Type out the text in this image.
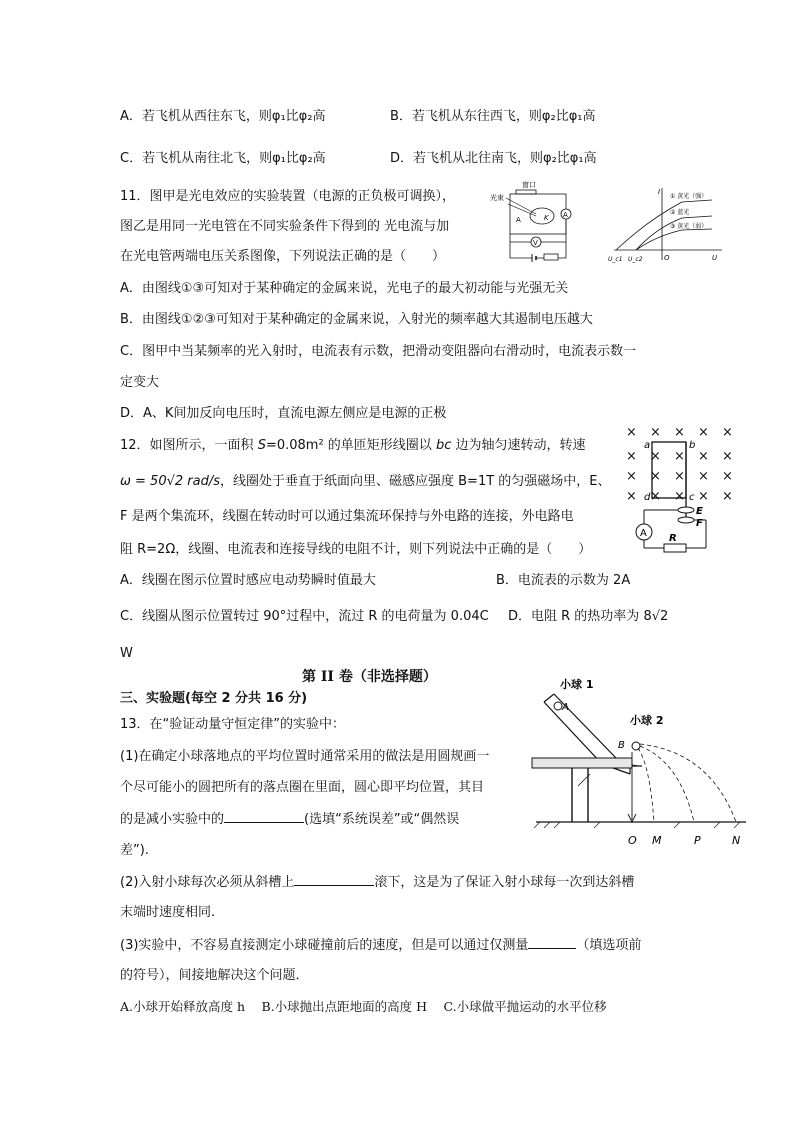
A．若飞机从西往东飞，则φ₁比φ₂高	B．若飞机从东往西飞，则φ₂比φ₁高
C．若飞机从南往北飞，则φ₁比φ₂高	D．若飞机从北往南飞，则φ₂比φ₁高
11．图甲是光电效应的实验装置（电源的正负极可调换），
图乙是用同一光电管在不同实验条件下得到的 光电流与加
在光电管两端电压关系图像，下列说法正确的是（　　）
窗口
光束
K
A
A
V
I
U
O
U_c1 U_c2
① 黄光（强）
② 蓝光
③ 黄光（弱）
A．由图线①③可知对于某种确定的金属来说，光电子的最大初动能与光强无关
B．由图线①②③可知对于某种确定的金属来说，入射光的频率越大其遏制电压越大
C．图甲中当某频率的光入射时，电流表有示数，把滑动变阻器向右滑动时，电流表示数一
定变大
D．A、K间加反向电压时，直流电源左侧应是电源的正极
12．如图所示，一面积 S=0.08m² 的单匝矩形线圈以 bc 边为轴匀速转动，转速
ω = 50√2 rad/s，线圈处于垂直于纸面向里、磁感应强度 B=1T 的匀强磁场中，E、
F 是两个集流环，线圈在转动时可以通过集流环保持与外电路的连接，外电路电
阻 R=2Ω，线圈、电流表和连接导线的电阻不计，则下列说法中正确的是（　　）
A．线圈在图示位置时感应电动势瞬时值最大	B．电流表的示数为 2A
C．线圈从图示位置转过 90°过程中，流过 R 的电荷量为 0.04C D．电阻 R 的热功率为 8√2
W
× × × × ×
× × × × ×
× × × × ×
× × × × ×
a	b
c
d
E
F
A R
第 II 卷（非选择题）
三、实验题(每空 2 分共 16 分)
13．在“验证动量守恒定律”的实验中：
(1)在确定小球落地点的平均位置时通常采用的做法是用圆规画一
个尽可能小的圆把所有的落点圈在里面，圆心即平均位置，其目
的是减小实验中的	(选填“系统误差”或“偶然误
差”).
(2)入射小球每次必须从斜槽上	滚下，这是为了保证入射小球每一次到达斜槽
末端时速度相同.
(3)实验中，不容易直接测定小球碰撞前后的速度，但是可以通过仅测量	（填选项前
的符号），间接地解决这个问题．
A.小球开始释放高度 h　 B.小球抛出点距地面的高度 H　 C.小球做平抛运动的水平位移
小球 1
小球 2
A
B
O M	P	N
